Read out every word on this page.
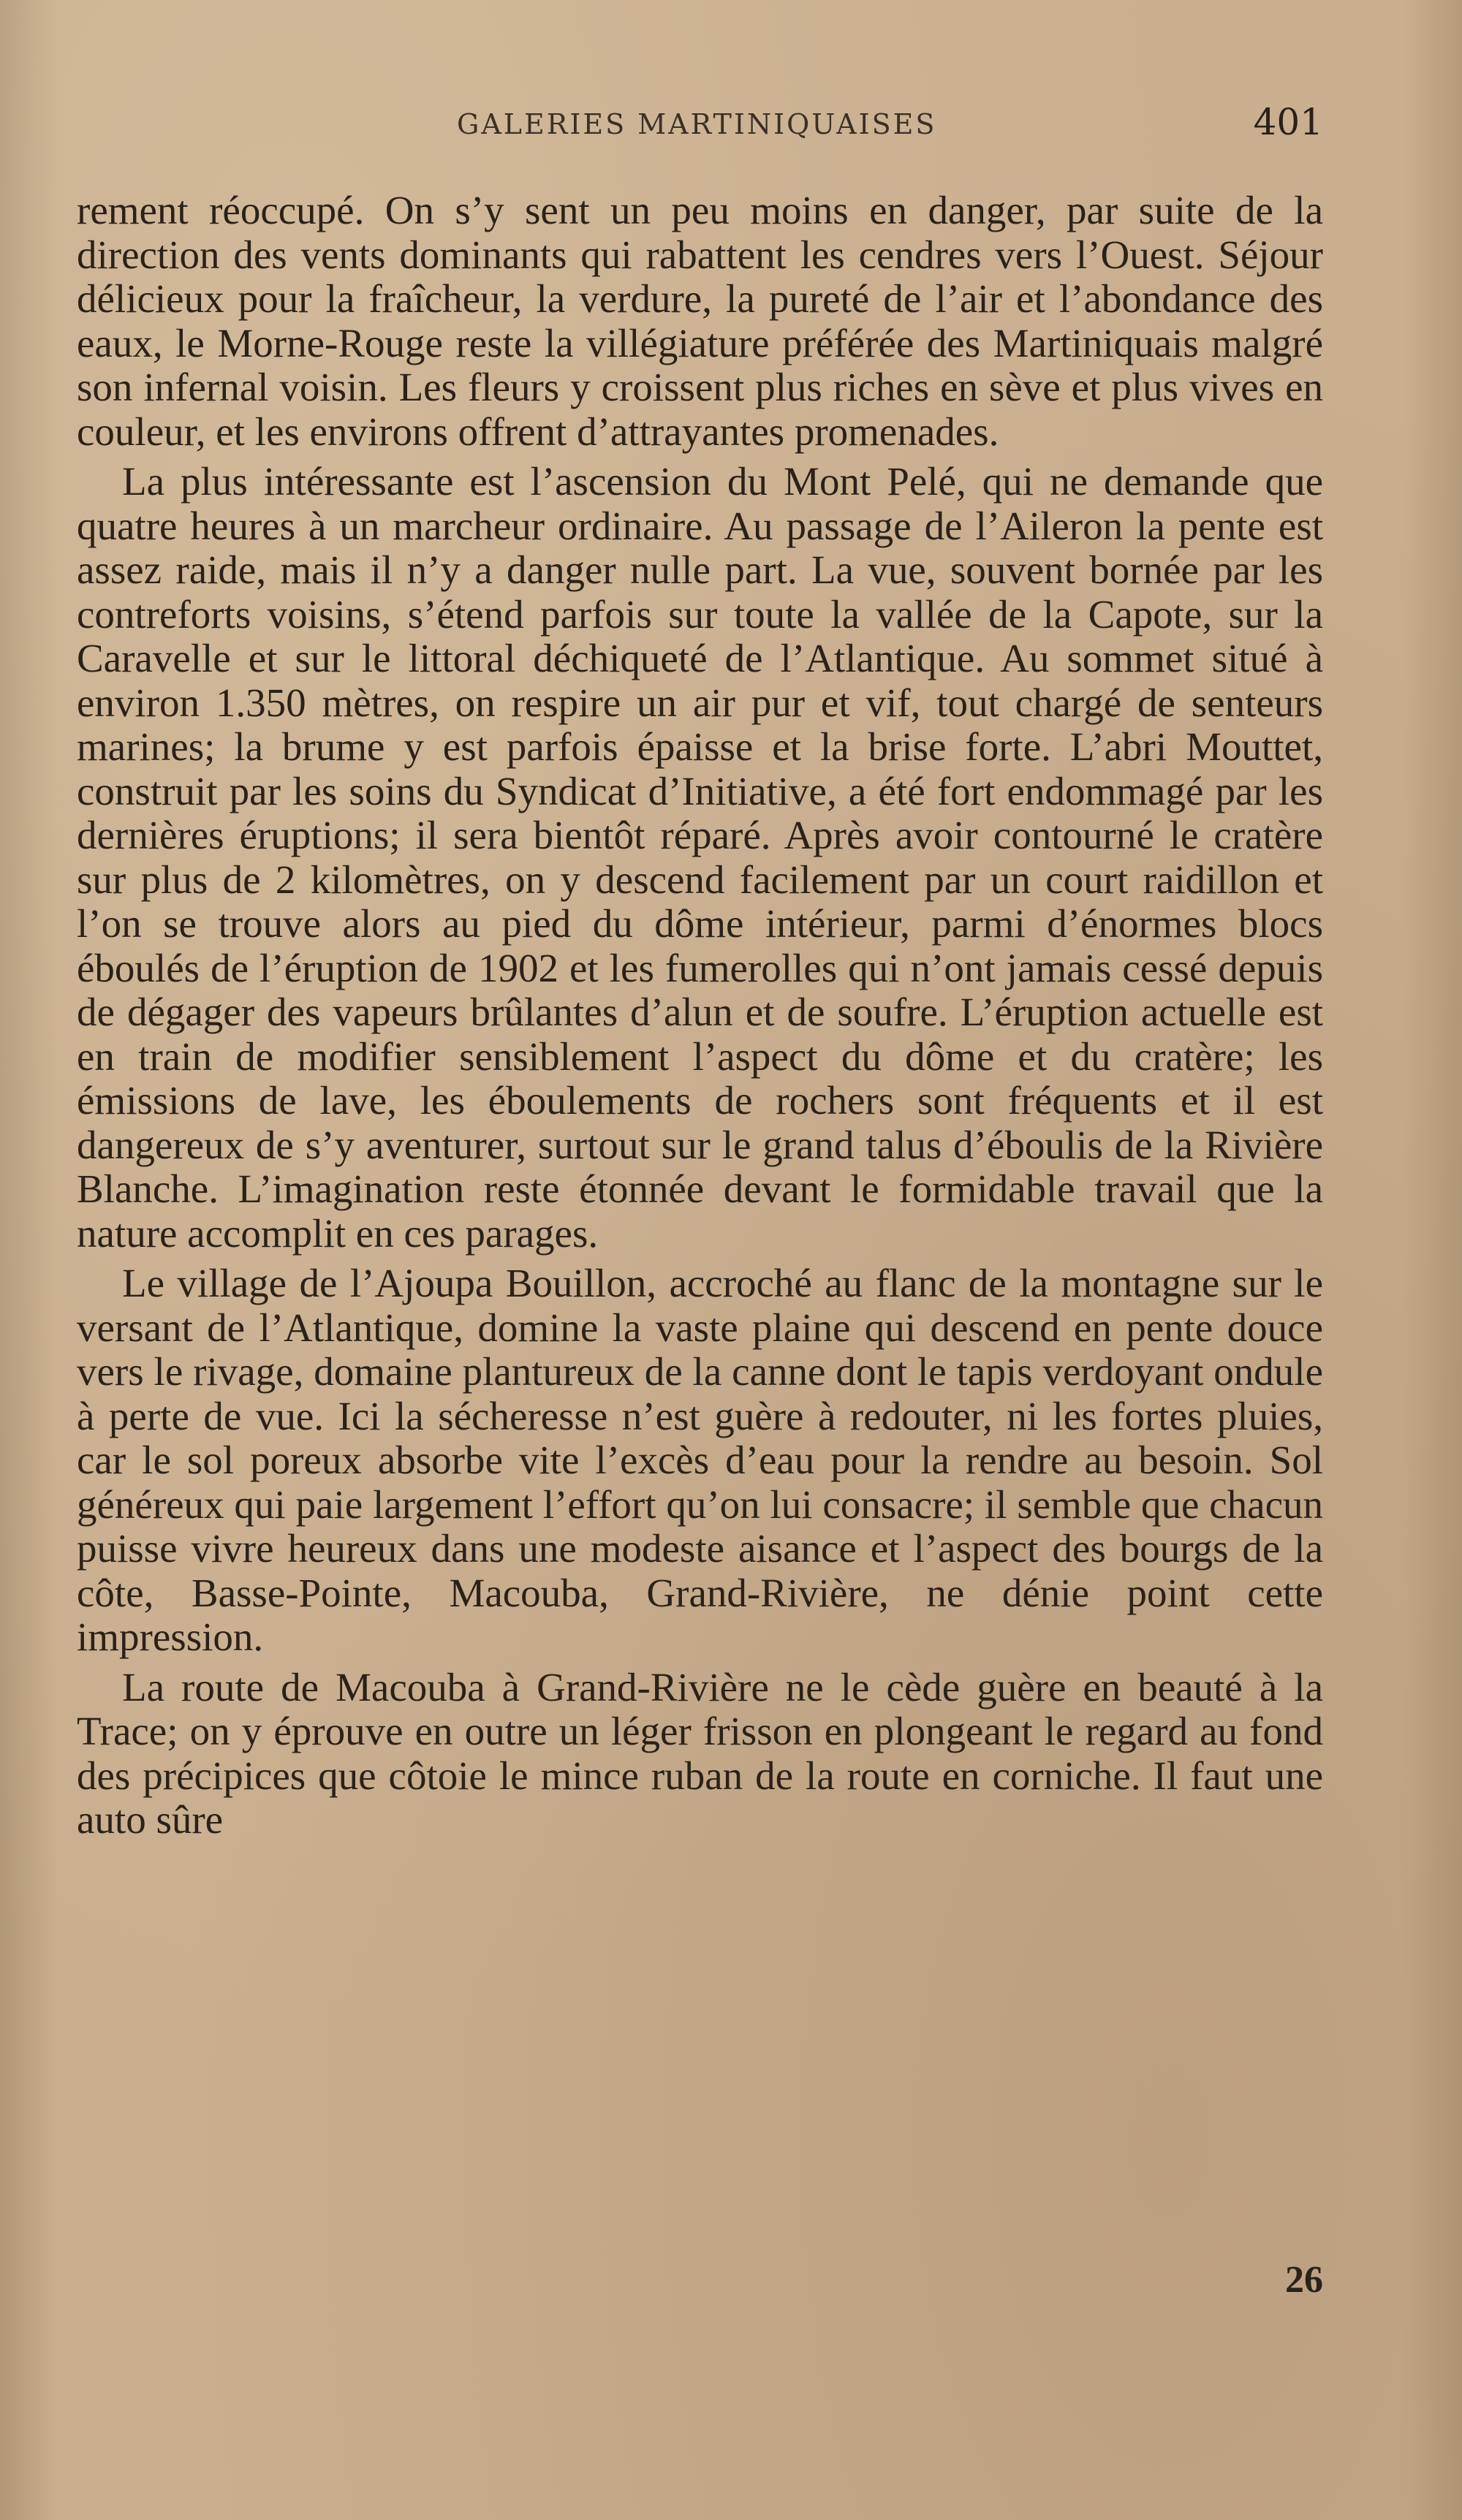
GALERIES MARTINIQUAISES	401

rement réoccupé. On s’y sent un peu moins en danger, par suite de la direction des vents dominants qui rabattent les cendres vers l’Ouest. Séjour délicieux pour la fraîcheur, la verdure, la pureté de l’air et l’abondance des eaux, le Morne-Rouge reste la villégiature préférée des Martiniquais malgré son infernal voisin. Les fleurs y croissent plus riches en sève et plus vives en couleur, et les environs offrent d’attrayantes promenades.

La plus intéressante est l’ascension du Mont Pelé, qui ne demande que quatre heures à un marcheur ordinaire. Au passage de l’Aileron la pente est assez raide, mais il n’y a danger nulle part. La vue, souvent bornée par les contreforts voisins, s’étend parfois sur toute la vallée de la Capote, sur la Caravelle et sur le littoral déchiqueté de l’Atlantique. Au sommet situé à environ 1.350 mètres, on respire un air pur et vif, tout chargé de senteurs marines; la brume y est parfois épaisse et la brise forte. L’abri Mouttet, construit par les soins du Syndicat d’Initiative, a été fort endommagé par les dernières éruptions; il sera bientôt réparé. Après avoir contourné le cratère sur plus de 2 kilomètres, on y descend facilement par un court raidillon et l’on se trouve alors au pied du dôme intérieur, parmi d’énormes blocs éboulés de l’éruption de 1902 et les fumerolles qui n’ont jamais cessé depuis de dégager des vapeurs brûlantes d’alun et de soufre. L’éruption actuelle est en train de modifier sensiblement l’aspect du dôme et du cratère; les émissions de lave, les éboulements de rochers sont fréquents et il est dangereux de s’y aventurer, surtout sur le grand talus d’éboulis de la Rivière Blanche. L’imagination reste étonnée devant le formidable travail que la nature accomplit en ces parages.

Le village de l’Ajoupa Bouillon, accroché au flanc de la montagne sur le versant de l’Atlantique, domine la vaste plaine qui descend en pente douce vers le rivage, domaine plantureux de la canne dont le tapis verdoyant ondule à perte de vue. Ici la sécheresse n’est guère à redouter, ni les fortes pluies, car le sol poreux absorbe vite l’excès d’eau pour la rendre au besoin. Sol généreux qui paie largement l’effort qu’on lui consacre; il semble que chacun puisse vivre heureux dans une modeste aisance et l’aspect des bourgs de la côte, Basse-Pointe, Macouba, Grand-Rivière, ne dénie point cette impression.

La route de Macouba à Grand-Rivière ne le cède guère en beauté à la Trace; on y éprouve en outre un léger frisson en plongeant le regard au fond des précipices que côtoie le mince ruban de la route en corniche. Il faut une auto sûre

26
